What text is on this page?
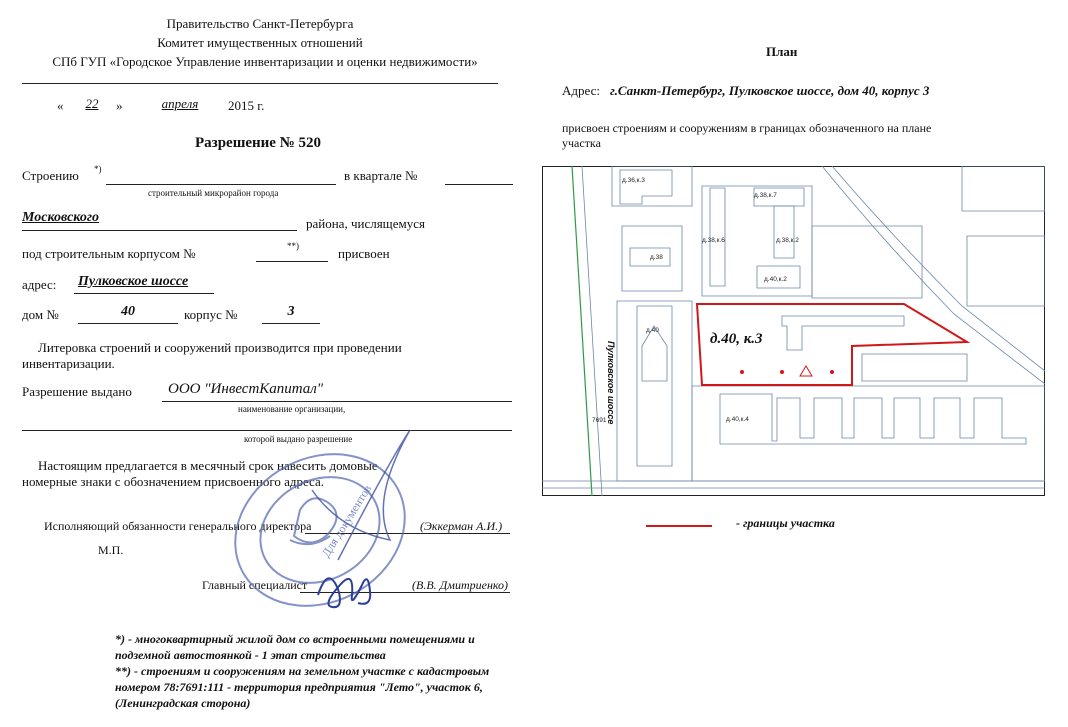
Правительство Санкт-Петербурга
Комитет имущественных отношений
СПб ГУП «Городское Управление инвентаризации и оценки недвижимости»
«	22	»	апреля	2015 г.
Разрешение № 520
Строению *)	в квартале №
строительный микрорайон города
Московского	района, числящемуся
под строительным корпусом №	**)	присвоен
адрес: Пулковское шоссе
дом №	40	корпус №	3
Литеровка строений и сооружений производится при проведении
инвентаризации.
Разрешение выдано ООО "ИнвестКапитал"
наименование организации,
которой выдано разрешение
Настоящим предлагается в месячный срок навесить домовые
номерные знаки с обозначением присвоенного адреса.
Исполняющий обязанности генерального директора	(Эккерман А.И.)
М.П.
Главный специалист	(В.В. Дмитриенко)
*) - многоквартирный жилой дом со встроенными помещениями и
подземной автостоянкой - 1 этап строительства
**) - строениям и сооружениям на земельном участке с кадастровым
номером 78:7691:111 - территория предприятия "Лето", участок 6,
(Ленинградская сторона)
Для документов
План
Адрес: г.Санкт-Петербург, Пулковское шоссе, дом 40, корпус 3
присвоен строениям и сооружениям в границах обозначенного на плане
участка
Пулковское шоссе
д.40, к.3
7691
д.36,к.3
д.38,к.7
д.38,к.6	д.38,к.2
д.38
д.40,к.2
д.40
д.40,к.4
- границы участка
